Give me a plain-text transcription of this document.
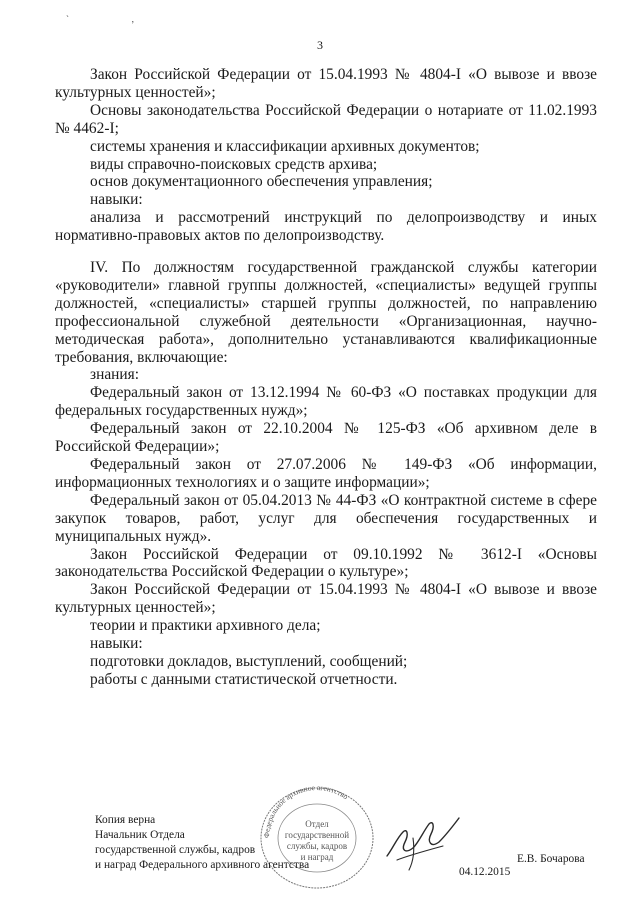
` ‚
3

Закон Российской Федерации от 15.04.1993 № 4804-I «О вывозе и ввозе культурных ценностей»;

Основы законодательства Российской Федерации о нотариате от 11.02.1993 № 4462-I;

системы хранения и классификации архивных документов;

виды справочно-поисковых средств архива;

основ документационного обеспечения управления;

навыки:

анализа и рассмотрений инструкций по делопроизводству и иных нормативно-правовых актов по делопроизводству.

IV. По должностям государственной гражданской службы категории «руководители» главной группы должностей, «специалисты» ведущей группы должностей, «специалисты» старшей группы должностей, по направлению профессиональной служебной деятельности «Организационная, научно-методическая работа», дополнительно устанавливаются квалификационные требования, включающие:

знания:

Федеральный закон от 13.12.1994 № 60-ФЗ «О поставках продукции для федеральных государственных нужд»;

Федеральный закон от 22.10.2004 № 125-ФЗ «Об архивном деле в Российской Федерации»;

Федеральный закон от 27.07.2006 № 149-ФЗ «Об информации, информационных технологиях и о защите информации»;

Федеральный закон от 05.04.2013 № 44-ФЗ «О контрактной системе в сфере закупок товаров, работ, услуг для обеспечения государственных и муниципальных нужд».

Закон Российской Федерации от 09.10.1992 № 3612-I «Основы законодательства Российской Федерации о культуре»;

Закон Российской Федерации от 15.04.1993 № 4804-I «О вывозе и ввозе культурных ценностей»;

теории и практики архивного дела;

навыки:

подготовки докладов, выступлений, сообщений;

работы с данными статистической отчетности.

Федеральное архивное агентство
Отдел
государственной
службы, кадров
и наград
Копия верна
Начальник Отдела
государственной службы, кадров
и наград Федерального архивного агентства	Е.В. Бочарова
04.12.2015
